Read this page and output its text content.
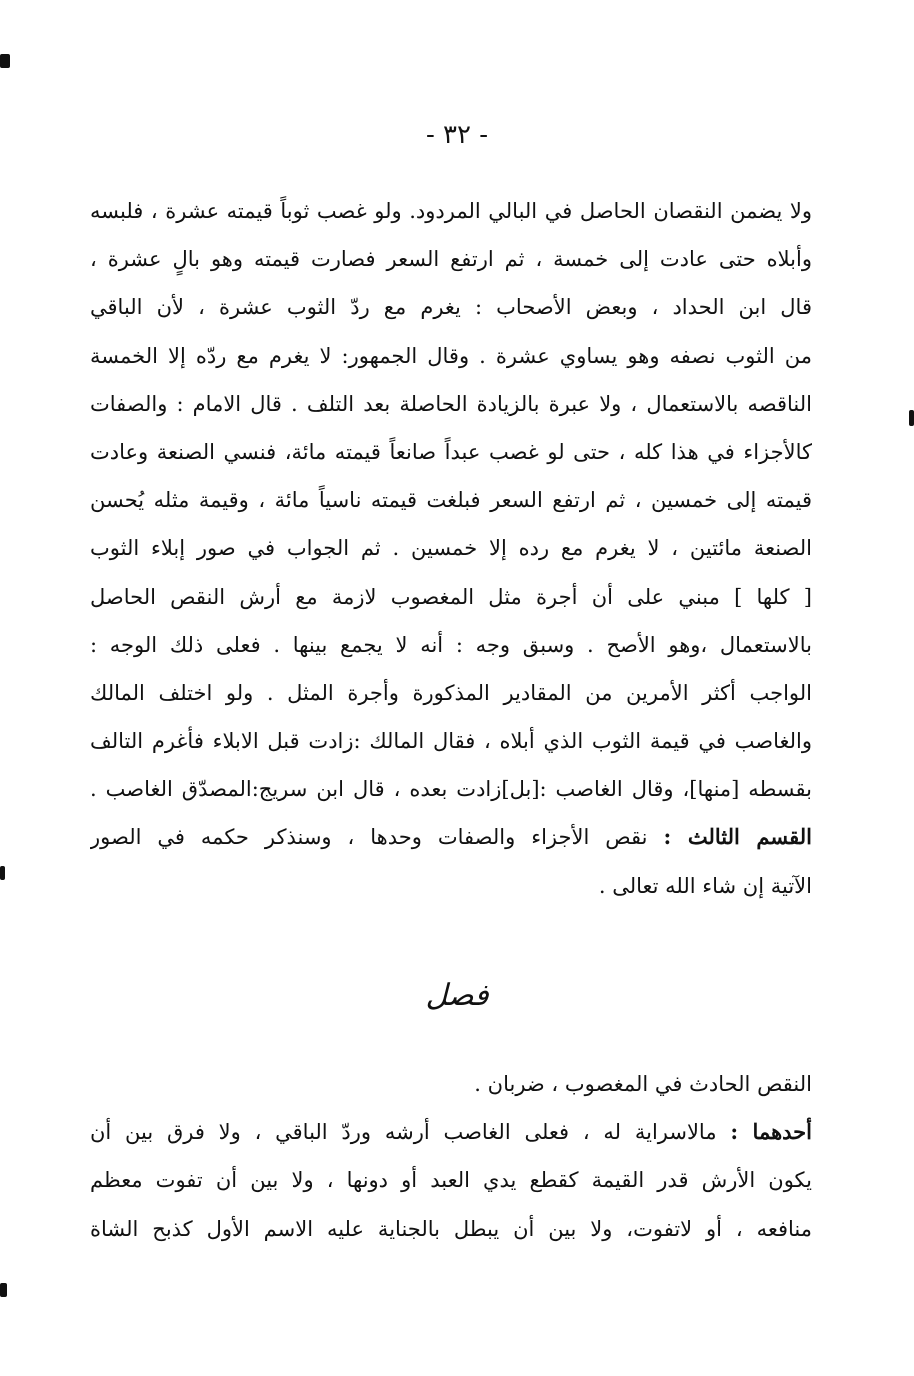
- ٣٢ -
ولا يضمن النقصان الحاصل في البالي المردود. ولو غصب ثوباً قيمته عشرة ، فلبسه
وأبلاه حتى عادت إلى خمسة ، ثم ارتفع السعر فصارت قيمته وهو بالٍ عشرة ،
قال ابن الحداد ، وبعض الأصحاب : يغرم مع ردّ الثوب عشرة ، لأن الباقي
من الثوب نصفه وهو يساوي عشرة . وقال الجمهور: لا يغرم مع ردّه إلا الخمسة
الناقصه بالاستعمال ، ولا عبرة بالزيادة الحاصلة بعد التلف . قال الامام : والصفات
كالأجزاء في هذا كله ، حتى لو غصب عبداً صانعاً قيمته مائة، فنسي الصنعة وعادت
قيمته إلى خمسين ، ثم ارتفع السعر فبلغت قيمته ناسياً مائة ، وقيمة مثله يُحسن
الصنعة مائتين ، لا يغرم مع رده إلا خمسين . ثم الجواب في صور إبلاء الثوب
[ كلها ] مبني على أن أجرة مثل المغصوب لازمة مع أرش النقص الحاصل
بالاستعمال ،وهو الأصح . وسبق وجه : أنه لا يجمع بينها . فعلى ذلك الوجه :
الواجب أكثر الأمرين من المقادير المذكورة وأجرة المثل . ولو اختلف المالك
والغاصب في قيمة الثوب الذي أبلاه ، فقال المالك :زادت قبل الابلاء فأغرم التالف
بقسطه [منها]، وقال الغاصب :[بل]زادت بعده ، قال ابن سريج:المصدّق الغاصب .
القسم الثالث : نقص الأجزاء والصفات وحدها ، وسنذكر حكمه في الصور
الآتية إن شاء الله تعالى .
فصل
النقص الحادث في المغصوب ، ضربان .
أحدهما : مالاسراية له ، فعلى الغاصب أرشه وردّ الباقي ، ولا فرق بين أن
يكون الأرش قدر القيمة كقطع يدي العبد أو دونها ، ولا بين أن تفوت معظم
منافعه ، أو لاتفوت، ولا بين أن يبطل بالجناية عليه الاسم الأول كذبح الشاة
